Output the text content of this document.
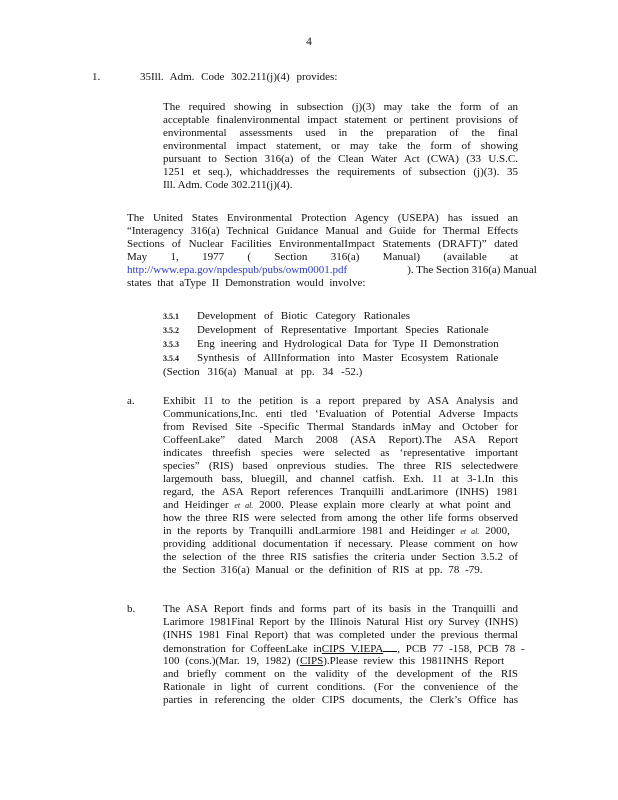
4
1.	35Ill. Adm. Code 302.211(j)(4) provides:
The required showing in subsection (j)(3) may take the form of an
acceptable finalenvironmental impact statement or pertinent provisions of
environmental assessments used in the preparation of the final
environmental impact statement, or may take the form of showing
pursuant to Section 316(a) of the Clean Water Act (CWA) (33 U.S.C.
1251 et seq.), whichaddresses the requirements of subsection (j)(3). 35
Ill. Adm. Code 302.211(j)(4).
The United States Environmental Protection Agency (USEPA) has issued an
“Interagency 316(a) Technical Guidance Manual and Guide for Thermal Effects
Sections of Nuclear Facilities EnvironmentalImpact Statements (DRAFT)” dated
May 1, 1977 ( Section 316(a) Manual) (available at
http://www.epa.gov/npdespub/pubs/owm0001.pdf	). The Section 316(a) Manual
states that aType II Demonstration would involve:
3.5.1 Development of Biotic Category Rationales
3.5.2 Development of Representative Important Species Rationale
3.5.3 Eng ineering and Hydrological Data for Type II Demonstration
3.5.4 Synthesis of AllInformation into Master Ecosystem Rationale
(Section 316(a) Manual at pp. 34 -52.)
a.	Exhibit 11 to the petition is a report prepared by ASA Analysis and
Communications,Inc. enti tled ‘Evaluation of Potential Adverse Impacts
from Revised Site -Specific Thermal Standards inMay and October for
CoffeenLake” dated March 2008 (ASA Report).The ASA Report
indicates threefish species were selected as ‘representative important
species” (RIS) based onprevious studies. The three RIS selectedwere
largemouth bass, bluegill, and channel catfish. Exh. 11 at 3-1.In this
regard, the ASA Report references Tranquilli andLarimore (INHS) 1981
and Heidinger et al. 2000. Please explain more clearly at what point and
how the three RIS were selected from among the other life forms observed
in the reports by Tranquilli andLarmiore 1981 and Heidinger et al. 2000,
providing additional documentation if necessary. Please comment on how
the selection of the three RIS satisfies the criteria under Section 3.5.2 of
the Section 316(a) Manual or the definition of RIS at pp. 78 -79.
b.	The ASA Report finds and forms part of its basis in the Tranquilli and
Larimore 1981Final Report by the Illinois Natural Hist ory Survey (INHS)
(INHS 1981 Final Report) that was completed under the previous thermal
demonstration for CoffeenLake inCIPS V.IEPA , PCB 77 -158, PCB 78 -
100 (cons.)(Mar. 19, 1982) (CIPS).Please review this 1981INHS Report
and briefly comment on the validity of the development of the RIS
Rationale in light of current conditions. (For the convenience of the
parties in referencing the older CIPS documents, the Clerk’s Office has
